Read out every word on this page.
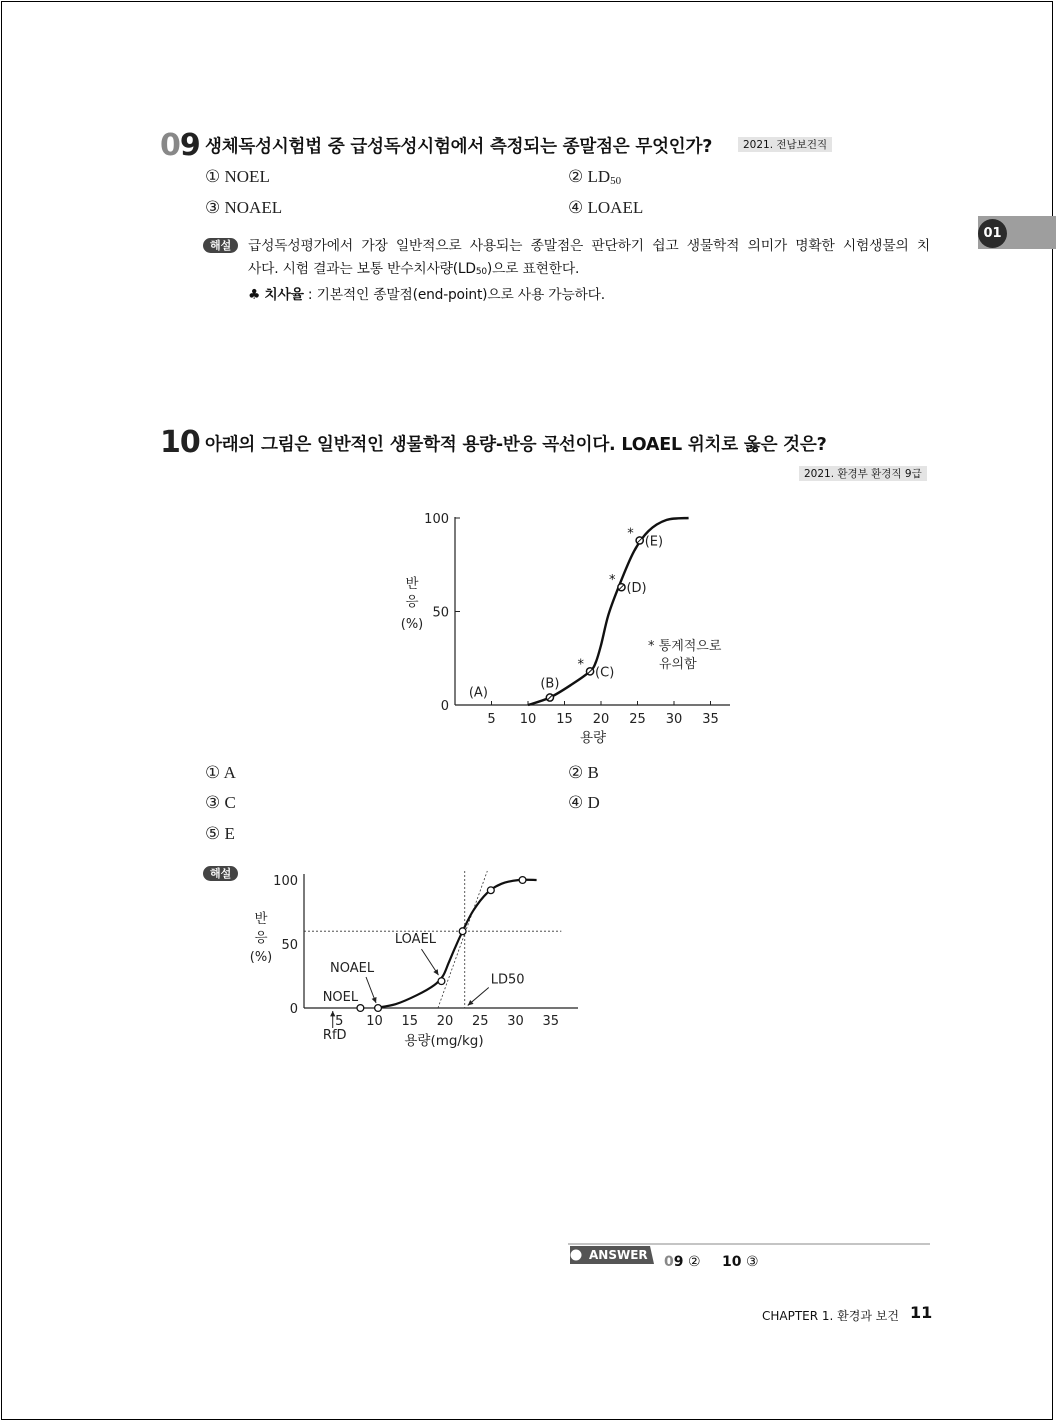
01
09 생체독성시험법 중 급성독성시험에서 측정되는 종말점은 무엇인가?	2021. 전남보건직
① NOEL	② $LD_{50}$
③ NOAEL	④ LOAEL
해설	급성독성평가에서 가장 일반적으로 사용되는 종말점은 판단하기 쉽고 생물학적 의미가 명확한 시험생물의 치
사다. 시험 결과는 보통 반수치사량$(LD_{50})$으로 표현한다.
♣ 치사율 : 기본적인 종말점(end-point)으로 사용 가능하다.
10 아래의 그림은 일반적인 생물학적 용량-반응 곡선이다. LOAEL 위치로 옳은 것은?
2021. 환경부 환경직 9급
0
50
100
5 10 15 20 25 30 35
(B)
*
(C)
*
(D)
*
(E)
(A)
용량
반
응
(%)
* 통계적으로
유의함
① A	② B
③ C	④ D
⑤ E
해설
0
50
100
5 10 15 20 25 30 35
NOEL
NOAEL
LOAEL
LD50
RfD	용량(mg/kg)
반
응
(%)
ANSWER 09 ② 10 ③
CHAPTER 1. 환경과 보건 11
